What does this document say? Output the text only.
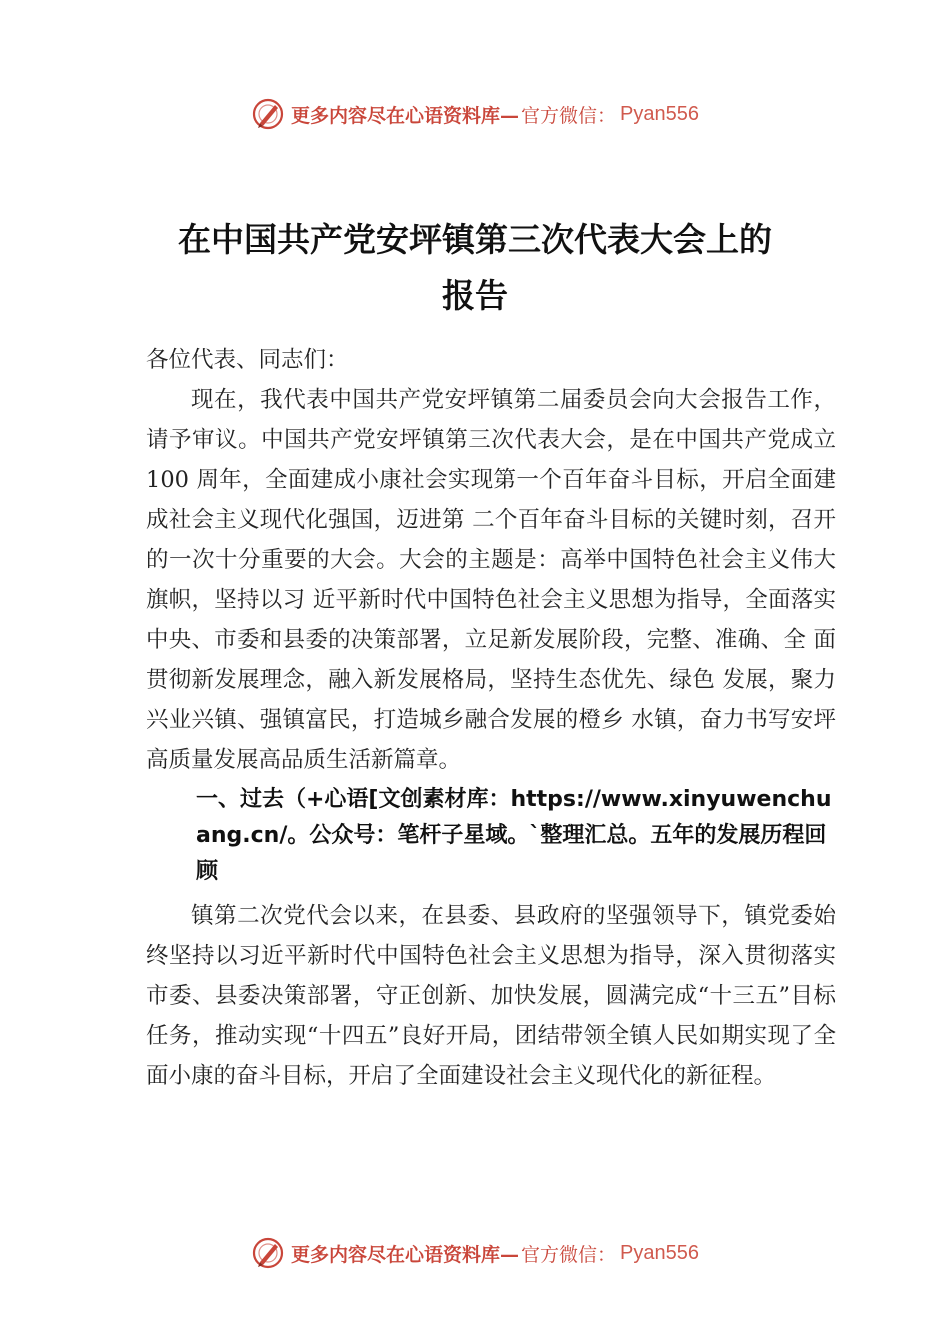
更多内容尽在心语资料库— 官方微信： Pyan556
在中国共产党安坪镇第三次代表大会上的
报告

各位代表、同志们：

现在，我代表中国共产党安坪镇第二届委员会向大会报告工作，请予审议。中国共产党安坪镇第三次代表大会，是在中国共产党成立 100 周年，全面建成小康社会实现第一个百年奋斗目标，开启全面建成社会主义现代化强国，迈进第 二个百年奋斗目标的关键时刻，召开的一次十分重要的大会。大会的主题是：高举中国特色社会主义伟大旗帜，坚持以习 近平新时代中国特色社会主义思想为指导，全面落实中央、市委和县委的决策部署，立足新发展阶段，完整、准确、全 面贯彻新发展理念，融入新发展格局，坚持生态优先、绿色 发展，聚力兴业兴镇、强镇富民，打造城乡融合发展的橙乡 水镇，奋力书写安坪高质量发展高品质生活新篇章。

一、过去（+心语[文创素材库：https://www.xinyuwenchuang.cn/。公众号：笔杆子星域。`整理汇总。五年的发展历程回顾

镇第二次党代会以来，在县委、县政府的坚强领导下，镇党委始终坚持以习近平新时代中国特色社会主义思想为指导，深入贯彻落实市委、县委决策部署，守正创新、加快发展，圆满完成“十三五”目标任务，推动实现“十四五”良好开局，团结带领全镇人民如期实现了全面小康的奋斗目标，开启了全面建设社会主义现代化的新征程。

更多内容尽在心语资料库— 官方微信： Pyan556
